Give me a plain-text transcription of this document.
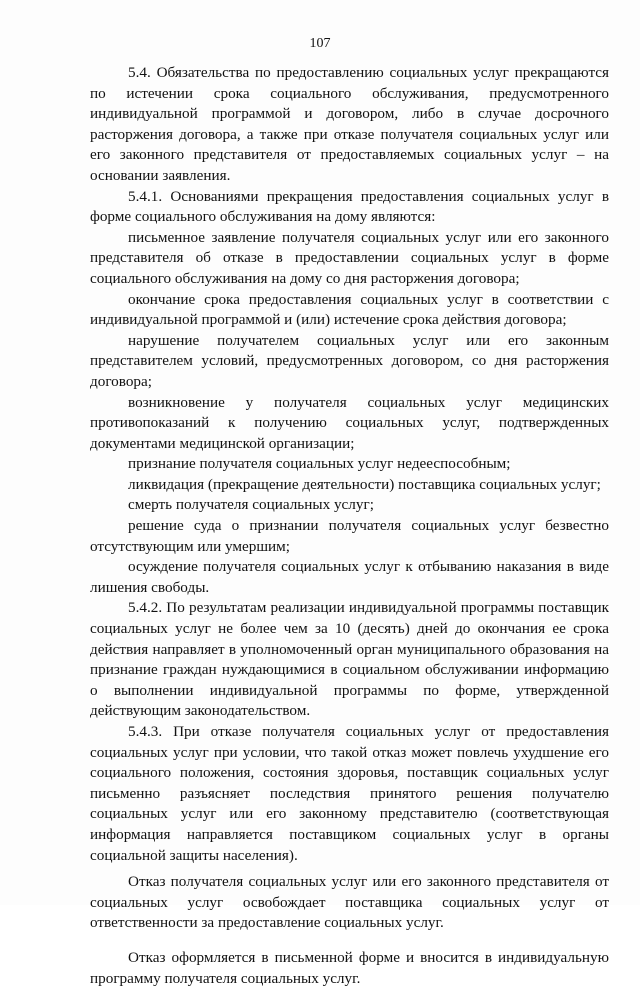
107

5.4. Обязательства по предоставлению социальных услуг прекращаются по истечении срока социального обслуживания, предусмотренного индивидуальной программой и договором, либо в случае досрочного расторжения договора, а также при отказе получателя социальных услуг или его законного представителя от предоставляемых социальных услуг – на основании заявления.

5.4.1. Основаниями прекращения предоставления социальных услуг в форме социального обслуживания на дому являются:

письменное заявление получателя социальных услуг или его законного представителя об отказе в предоставлении социальных услуг в форме социального обслуживания на дому со дня расторжения договора;

окончание срока предоставления социальных услуг в соответствии с индивидуальной программой и (или) истечение срока действия договора;

нарушение получателем социальных услуг или его законным представителем условий, предусмотренных договором, со дня расторжения договора;

возникновение у получателя социальных услуг медицинских противопоказаний к получению социальных услуг, подтвержденных документами медицинской организации;

признание получателя социальных услуг недееспособным;

ликвидация (прекращение деятельности) поставщика социальных услуг;

смерть получателя социальных услуг;

решение суда о признании получателя социальных услуг безвестно отсутствующим или умершим;

осуждение получателя социальных услуг к отбыванию наказания в виде лишения свободы.

5.4.2. По результатам реализации индивидуальной программы поставщик социальных услуг не более чем за 10 (десять) дней до окончания ее срока действия направляет в уполномоченный орган муниципального образования на признание граждан нуждающимися в социальном обслуживании информацию о выполнении индивидуальной программы по форме, утвержденной действующим законодательством.

5.4.3. При отказе получателя социальных услуг от предоставления социальных услуг при условии, что такой отказ может повлечь ухудшение его социального положения, состояния здоровья, поставщик социальных услуг письменно разъясняет последствия принятого решения получателю социальных услуг или его законному представителю (соответствующая информация направляется поставщиком социальных услуг в органы социальной защиты населения).

Отказ получателя социальных услуг или его законного представителя от социальных услуг освобождает поставщика социальных услуг от ответственности за предоставление социальных услуг.

Отказ оформляется в письменной форме и вносится в индивидуальную программу получателя социальных услуг.
